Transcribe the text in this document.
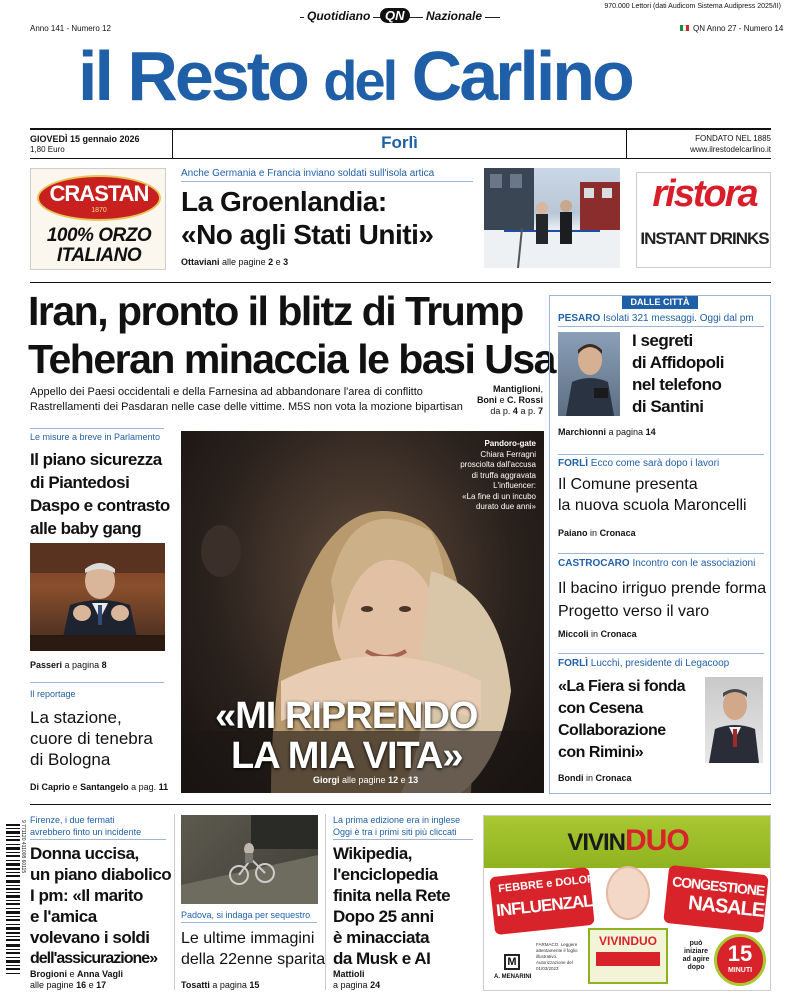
Anno 141 - Numero 12
Quotidiano	QN	Nazionale
970.000 Lettori (dati Audicom Sistema Audipress 2025/II)
QN Anno 27 - Numero 14
il Resto del Carlino
GIOVEDÌ 15 gennaio 2026
1,80 Euro	Forlì	FONDATO NEL 1885
www.ilrestodelcarlino.it
CRASTAN
1870
100% ORZO
ITALIANO
Anche Germania e Francia inviano soldati sull'isola artica
La Groenlandia:
«No agli Stati Uniti»
Ottaviani alle pagine 2 e 3
ristora
INSTANT DRINKS
Iran, pronto il blitz di Trump
Teheran minaccia le basi Usa
Appello dei Paesi occidentali e della Farnesina ad abbandonare l'area di conflitto
Rastrellamenti dei Pasdaran nelle case delle vittime. M5S non vota la mozione bipartisan
Mantiglioni,
Boni e C. Rossi
da p. 4 a p. 7
Le misure a breve in Parlamento
Il piano sicurezza
di Piantedosi
Daspo e contrasto
alle baby gang
Passeri a pagina 8
Il reportage
La stazione,
cuore di tenebra
di Bologna
Di Caprio e Santangelo a pag. 11
Pandoro-gate
Chiara Ferragni
prosciolta dall'accusa
di truffa aggravata
L'influencer:
«La fine di un incubo
durato due anni»
«MI RIPRENDO
LA MIA VITA»
Giorgi alle pagine 12 e 13
DALLE CITTÀ
PESARO Isolati 321 messaggi. Oggi dal pm
I segreti
di Affidopoli
nel telefono
di Santini
Marchionni a pagina 14
FORLÌ Ecco come sarà dopo i lavori
Il Comune presenta
la nuova scuola Maroncelli
Paiano in Cronaca
CASTROCARO Incontro con le associazioni
Il bacino irriguo prende forma
Progetto verso il varo
Miccoli in Cronaca
FORLÌ Lucchi, presidente di Legacoop
«La Fiera si fonda
con Cesena
Collaborazione
con Rimini»
Bondi in Cronaca
9 771120 411008 60115 Firenze, i due fermati
avrebbero finto un incidente
Donna uccisa,
un piano diabolico
I pm: «Il marito
e l'amica
volevano i soldi
dell'assicurazione»
Brogioni e Anna Vagli
alle pagine 16 e 17
Padova, si indaga per sequestro
Le ultime immagini
della 22enne sparita
Tosatti a pagina 15
La prima edizione era in inglese
Oggi è tra i primi siti più cliccati
Wikipedia,
l'enciclopedia
finita nella Rete
Dopo 25 anni
è minacciata
da Musk e AI
Mattioli
a pagina 24
VIVINDUO
FEBBRE e DOLORI
INFLUENZALI
CONGESTIONE
NASALE
VIVINDUO
M
A. MENARINI
FARMACO. Leggere attentamente il foglio illustrativo. Autorizzazione del 01/03/2023
può
iniziare
ad agire
dopo
15
MINUTI
